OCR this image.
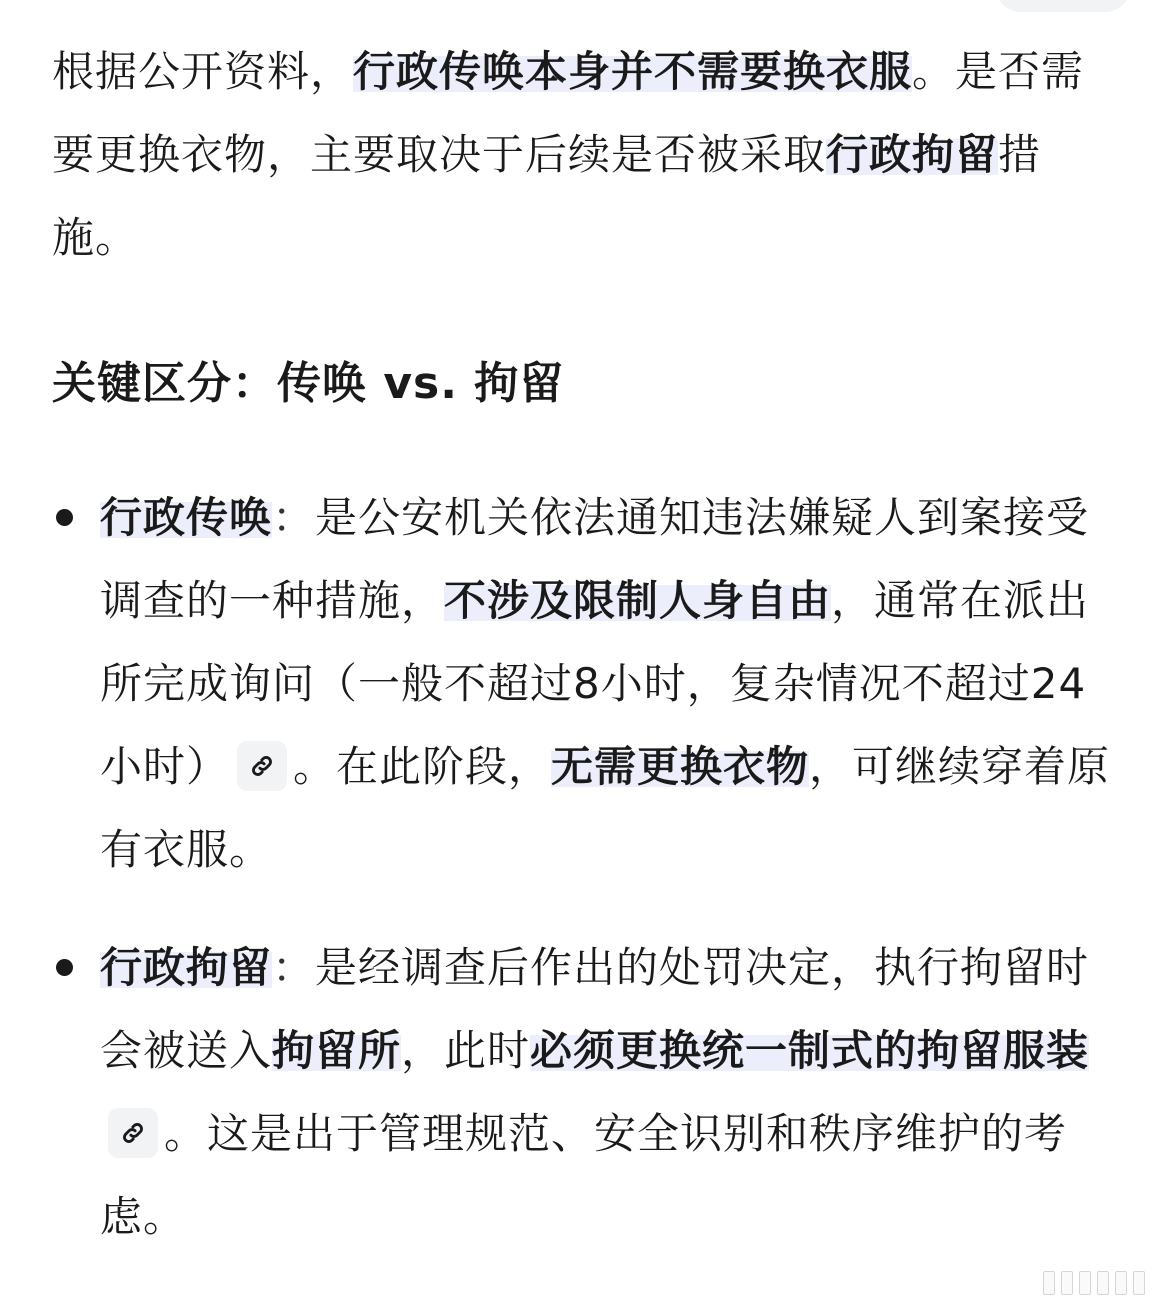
根据公开资料，行政传唤本身并不需要换衣服。是否需要更换衣物，主要取决于后续是否被采取行政拘留措施。

关键区分：传唤 vs. 拘留
行政传唤：是公安机关依法通知违法嫌疑人到案接受调查的一种措施，不涉及限制人身自由，通常在派出所完成询问（一般不超过8小时，复杂情况不超过24小时） 。在此阶段，无需更换衣物，可继续穿着原有衣服。
行政拘留：是经调查后作出的处罚决定，执行拘留时会被送入拘留所，此时必须更换统一制式的拘留服装
。这是出于管理规范、安全识别和秩序维护的考虑。
